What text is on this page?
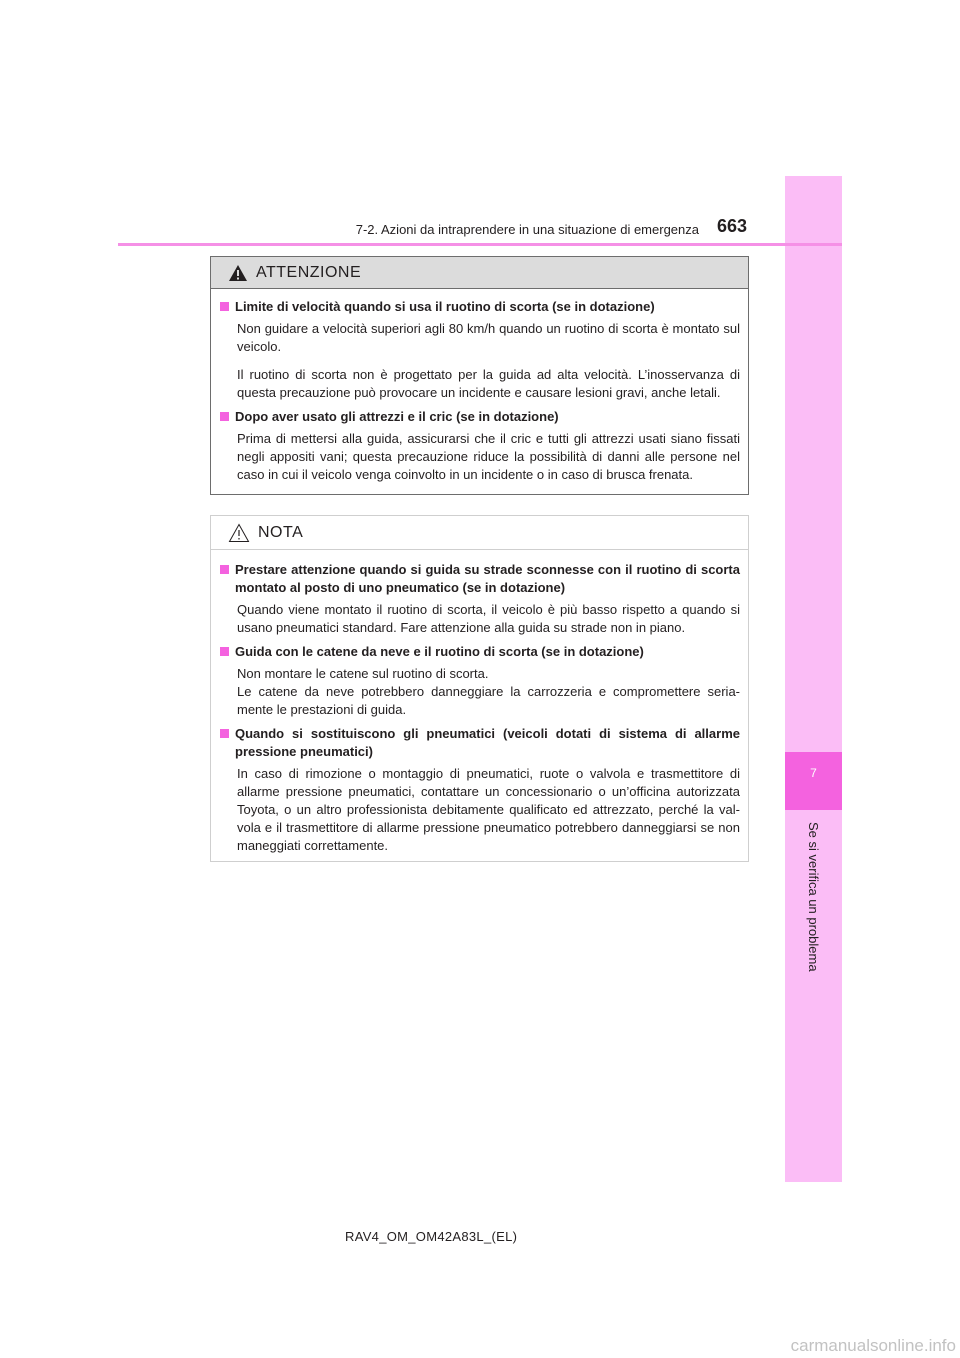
7
Se si verifica un problema
7-2. Azioni da intraprendere in una situazione di emergenza 663
ATTENZIONE
Limite di velocità quando si usa il ruotino di scorta (se in dotazione)

Non guidare a velocità superiori agli 80 km/h quando un ruotino di scorta è montato sul veicolo.

Il ruotino di scorta non è progettato per la guida ad alta velocità. L’inosservanza di questa precauzione può provocare un incidente e causare lesioni gravi, anche letali.

Dopo aver usato gli attrezzi e il cric (se in dotazione)

Prima di mettersi alla guida, assicurarsi che il cric e tutti gli attrezzi usati siano fissati negli appositi vani; questa precauzione riduce la possibilità di danni alle persone nel caso in cui il veicolo venga coinvolto in un incidente o in caso di brusca frenata.

NOTA
Prestare attenzione quando si guida su strade sconnesse con il ruotino di scorta montato al posto di uno pneumatico (se in dotazione)

Quando viene montato il ruotino di scorta, il veicolo è più basso rispetto a quando si usano pneumatici standard. Fare attenzione alla guida su strade non in piano.

Guida con le catene da neve e il ruotino di scorta (se in dotazione)

Non montare le catene sul ruotino di scorta.

Le catene da neve potrebbero danneggiare la carrozzeria e compromettere seria-mente le prestazioni di guida.

Quando si sostituiscono gli pneumatici (veicoli dotati di sistema di allarme pressione pneumatici)

In caso di rimozione o montaggio di pneumatici, ruote o valvola e trasmettitore di allarme pressione pneumatici, contattare un concessionario o un’officina autorizzata Toyota, o un altro professionista debitamente qualificato ed attrezzato, perché la val-vola e il trasmettitore di allarme pressione pneumatico potrebbero danneggiarsi se non maneggiati correttamente.

RAV4_OM_OM42A83L_(EL)
carmanualsonline.info
